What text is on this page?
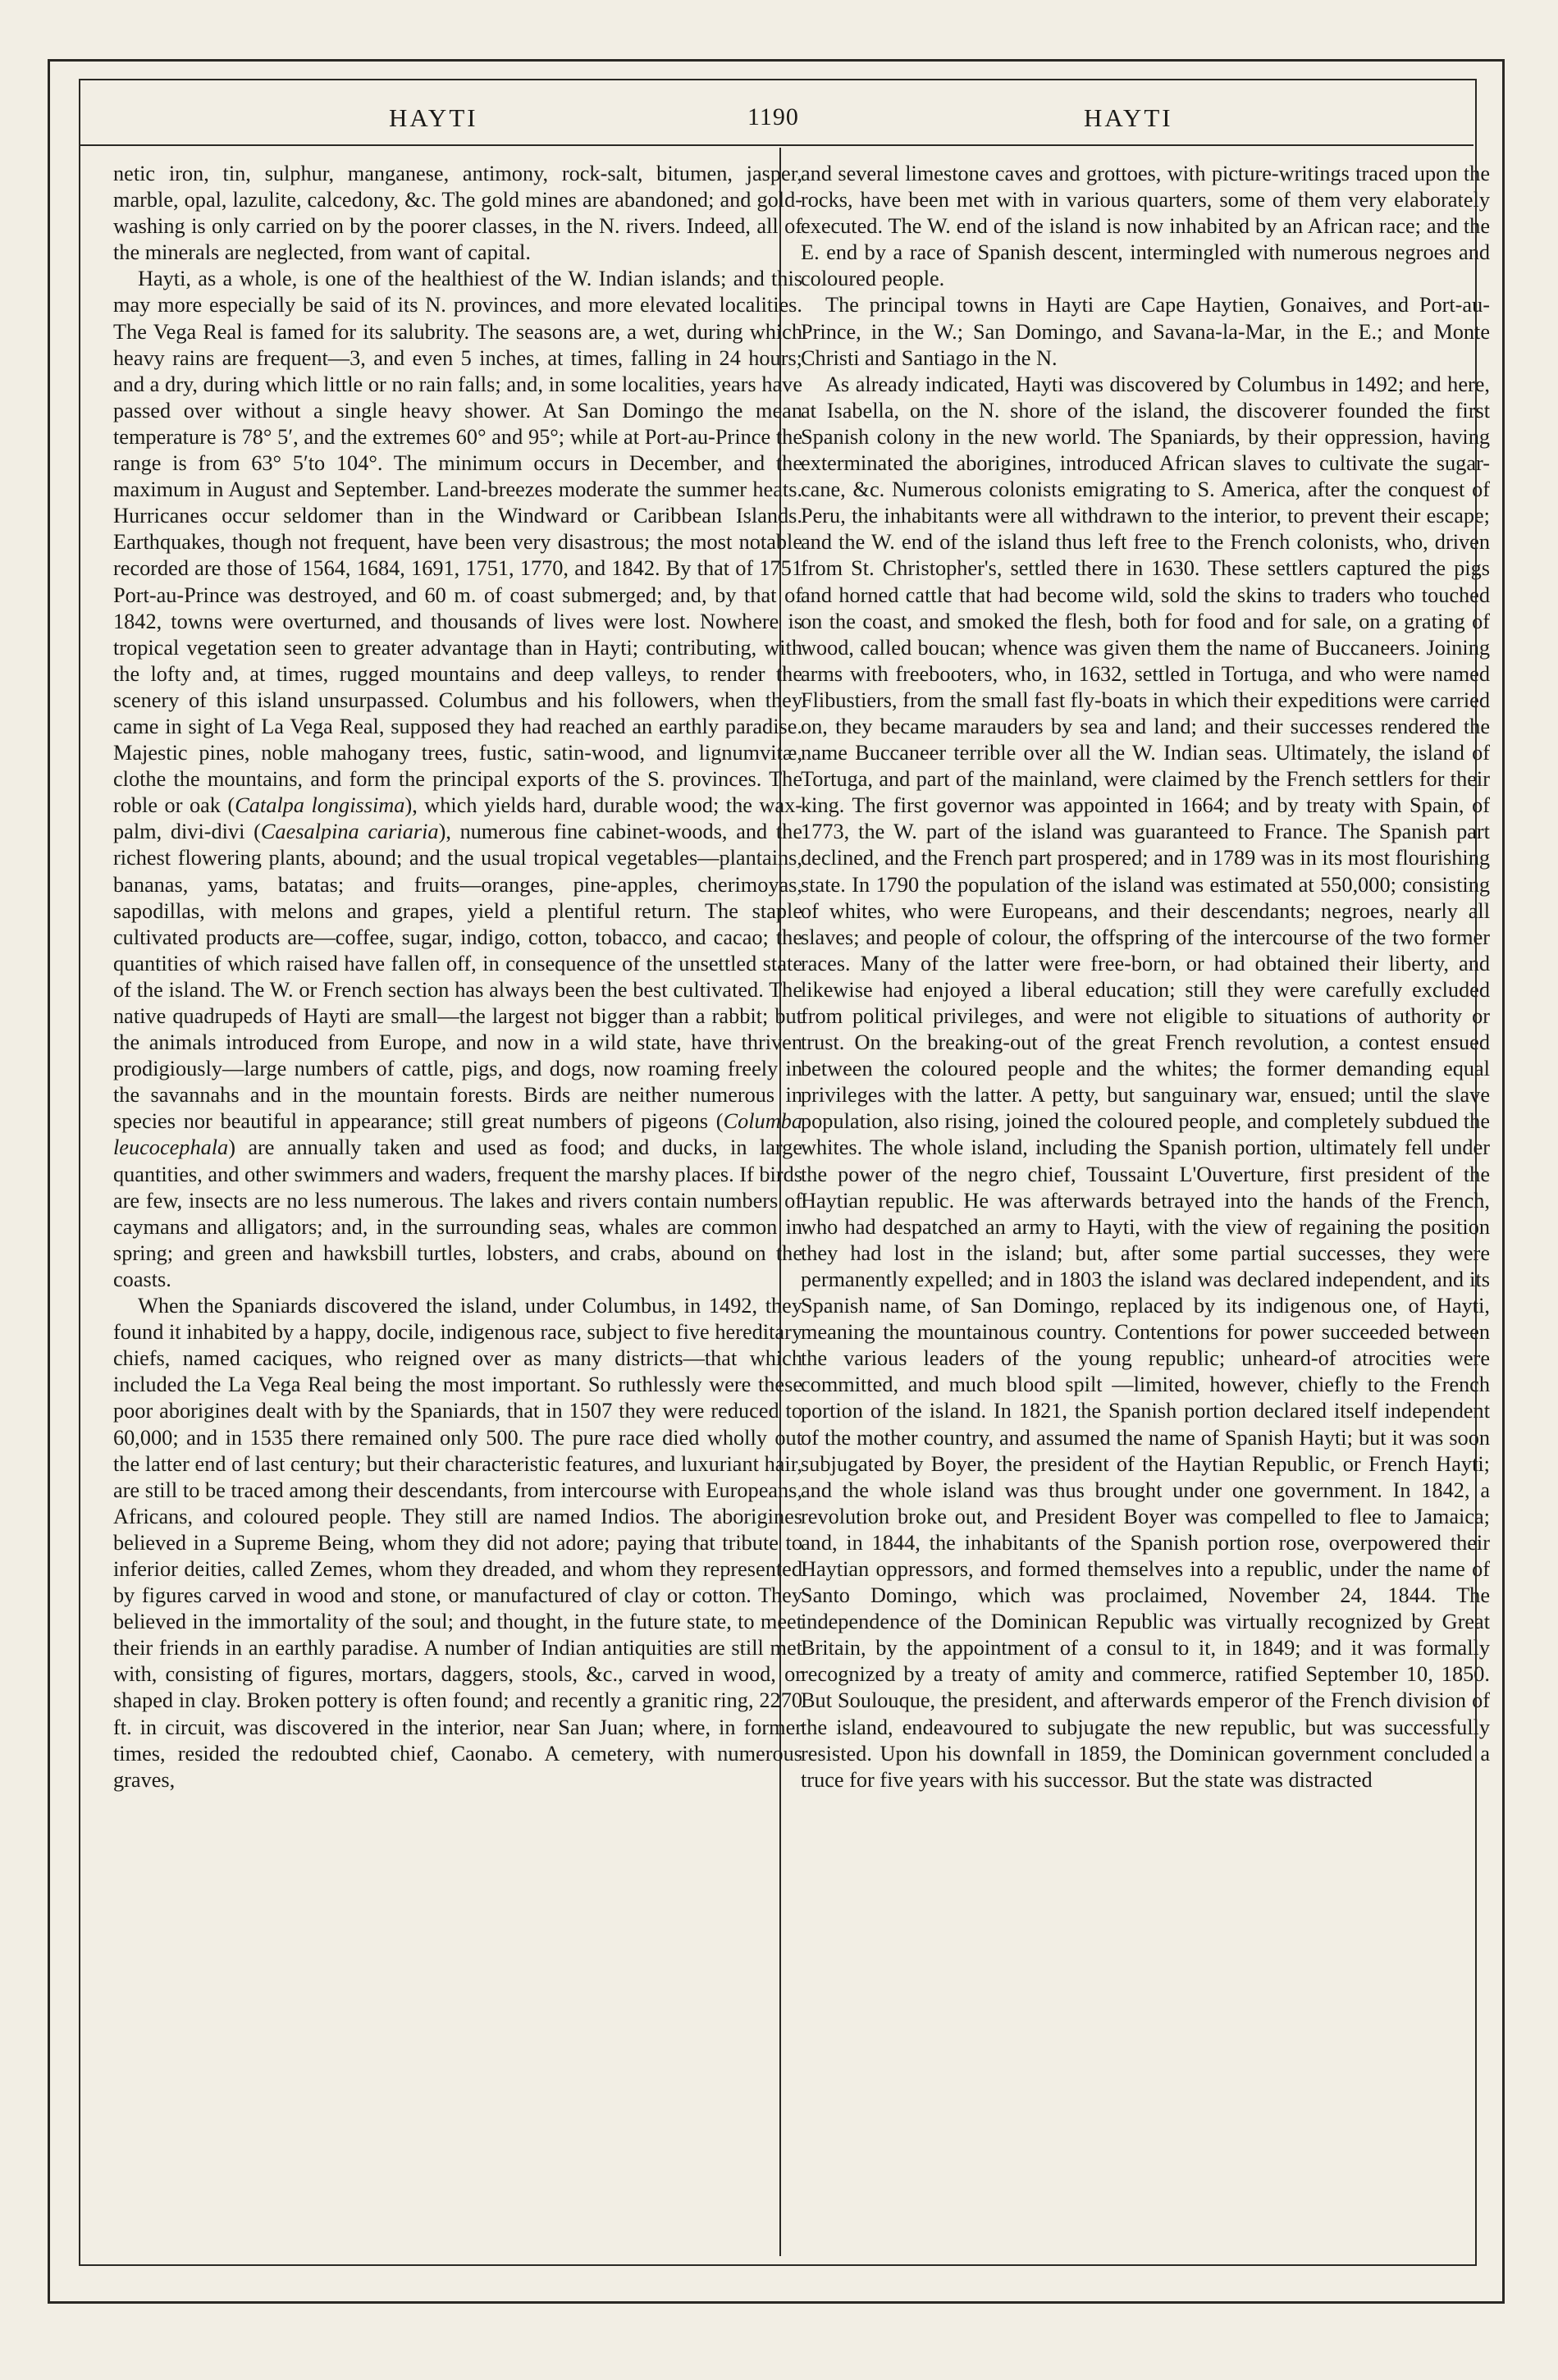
HAYTI	1190	HAYTI

netic iron, tin, sulphur, manganese, antimony, rock-salt, bitumen, jasper, marble, opal, lazulite, calcedony, &c. The gold mines are abandoned; and gold-washing is only carried on by the poorer classes, in the N. rivers. Indeed, all of the minerals are neglected, from want of capital.

Hayti, as a whole, is one of the healthiest of the W. Indian islands; and this may more especially be said of its N. provinces, and more elevated localities. The Vega Real is famed for its salubrity. The seasons are, a wet, during which heavy rains are frequent—3, and even 5 inches, at times, falling in 24 hours; and a dry, during which little or no rain falls; and, in some localities, years have passed over without a single heavy shower. At San Domingo the mean temperature is 78° 5′, and the extremes 60° and 95°; while at Port-au-Prince the range is from 63° 5′to 104°. The minimum occurs in December, and the maximum in August and September. Land-breezes moderate the summer heats. Hurricanes occur seldomer than in the Windward or Caribbean Islands. Earthquakes, though not frequent, have been very disastrous; the most notable recorded are those of 1564, 1684, 1691, 1751, 1770, and 1842. By that of 1751 Port-au-Prince was destroyed, and 60 m. of coast submerged; and, by that of 1842, towns were overturned, and thousands of lives were lost. Nowhere is tropical vegetation seen to greater advantage than in Hayti; contributing, with the lofty and, at times, rugged mountains and deep valleys, to render the scenery of this island unsurpassed. Columbus and his followers, when they came in sight of La Vega Real, supposed they had reached an earthly paradise. Majestic pines, noble mahogany trees, fustic, satin-wood, and lignumvitæ, clothe the mountains, and form the principal exports of the S. provinces. The roble or oak (Catalpa longissima), which yields hard, durable wood; the wax-palm, divi-divi (Caesalpina cariaria), numerous fine cabinet-woods, and the richest flowering plants, abound; and the usual tropical vegetables—plantains, bananas, yams, batatas; and fruits—oranges, pine-apples, cherimoyas, sapodillas, with melons and grapes, yield a plentiful return. The staple cultivated products are—coffee, sugar, indigo, cotton, tobacco, and cacao; the quantities of which raised have fallen off, in consequence of the unsettled state of the island. The W. or French section has always been the best cultivated. The native quadrupeds of Hayti are small—the largest not bigger than a rabbit; but the animals introduced from Europe, and now in a wild state, have thriven prodigiously—large numbers of cattle, pigs, and dogs, now roaming freely in the savannahs and in the mountain forests. Birds are neither numerous in species nor beautiful in appearance; still great numbers of pigeons (Columba leucocephala) are annually taken and used as food; and ducks, in large quantities, and other swimmers and waders, frequent the marshy places. If birds are few, insects are no less numerous. The lakes and rivers contain numbers of caymans and alligators; and, in the surrounding seas, whales are common in spring; and green and hawksbill turtles, lobsters, and crabs, abound on the coasts.

When the Spaniards discovered the island, under Columbus, in 1492, they found it inhabited by a happy, docile, indigenous race, subject to five hereditary chiefs, named caciques, who reigned over as many districts—that which included the La Vega Real being the most important. So ruthlessly were these poor aborigines dealt with by the Spaniards, that in 1507 they were reduced to 60,000; and in 1535 there remained only 500. The pure race died wholly out the latter end of last century; but their characteristic features, and luxuriant hair, are still to be traced among their descendants, from intercourse with Europeans, Africans, and coloured people. They still are named Indios. The aborigines believed in a Supreme Being, whom they did not adore; paying that tribute to inferior deities, called Zemes, whom they dreaded, and whom they represented by figures carved in wood and stone, or manufactured of clay or cotton. They believed in the immortality of the soul; and thought, in the future state, to meet their friends in an earthly paradise. A number of Indian antiquities are still met with, consisting of figures, mortars, daggers, stools, &c., carved in wood, or shaped in clay. Broken pottery is often found; and recently a granitic ring, 2270 ft. in circuit, was discovered in the interior, near San Juan; where, in former times, resided the redoubted chief, Caonabo. A cemetery, with numerous graves,

and several limestone caves and grottoes, with picture-writings traced upon the rocks, have been met with in various quarters, some of them very elaborately executed. The W. end of the island is now inhabited by an African race; and the E. end by a race of Spanish descent, intermingled with numerous negroes and coloured people.

The principal towns in Hayti are Cape Haytien, Gonaives, and Port-au-Prince, in the W.; San Domingo, and Savana-la-Mar, in the E.; and Monte Christi and Santiago in the N.

As already indicated, Hayti was discovered by Columbus in 1492; and here, at Isabella, on the N. shore of the island, the discoverer founded the first Spanish colony in the new world. The Spaniards, by their oppression, having exterminated the aborigines, introduced African slaves to cultivate the sugar-cane, &c. Numerous colonists emigrating to S. America, after the conquest of Peru, the inhabitants were all withdrawn to the interior, to prevent their escape; and the W. end of the island thus left free to the French colonists, who, driven from St. Christopher's, settled there in 1630. These settlers captured the pigs and horned cattle that had become wild, sold the skins to traders who touched on the coast, and smoked the flesh, both for food and for sale, on a grating of wood, called boucan; whence was given them the name of Buccaneers. Joining arms with freebooters, who, in 1632, settled in Tortuga, and who were named Flibustiers, from the small fast fly-boats in which their expeditions were carried on, they became marauders by sea and land; and their successes rendered the name Buccaneer terrible over all the W. Indian seas. Ultimately, the island of Tortuga, and part of the mainland, were claimed by the French settlers for their king. The first governor was appointed in 1664; and by treaty with Spain, of 1773, the W. part of the island was guaranteed to France. The Spanish part declined, and the French part prospered; and in 1789 was in its most flourishing state. In 1790 the population of the island was estimated at 550,000; consisting of whites, who were Europeans, and their descendants; negroes, nearly all slaves; and people of colour, the offspring of the intercourse of the two former races. Many of the latter were free-born, or had obtained their liberty, and likewise had enjoyed a liberal education; still they were carefully excluded from political privileges, and were not eligible to situations of authority or trust. On the breaking-out of the great French revolution, a contest ensued between the coloured people and the whites; the former demanding equal privileges with the latter. A petty, but sanguinary war, ensued; until the slave population, also rising, joined the coloured people, and completely subdued the whites. The whole island, including the Spanish portion, ultimately fell under the power of the negro chief, Toussaint L'Ouverture, first president of the Haytian republic. He was afterwards betrayed into the hands of the French, who had despatched an army to Hayti, with the view of regaining the position they had lost in the island; but, after some partial successes, they were permanently expelled; and in 1803 the island was declared independent, and its Spanish name, of San Domingo, replaced by its indigenous one, of Hayti, meaning the mountainous country. Contentions for power succeeded between the various leaders of the young republic; unheard-of atrocities were committed, and much blood spilt —limited, however, chiefly to the French portion of the island. In 1821, the Spanish portion declared itself independent of the mother country, and assumed the name of Spanish Hayti; but it was soon subjugated by Boyer, the president of the Haytian Republic, or French Hayti; and the whole island was thus brought under one government. In 1842, a revolution broke out, and President Boyer was compelled to flee to Jamaica; and, in 1844, the inhabitants of the Spanish portion rose, overpowered their Haytian oppressors, and formed themselves into a republic, under the name of Santo Domingo, which was proclaimed, November 24, 1844. The independence of the Dominican Republic was virtually recognized by Great Britain, by the appointment of a consul to it, in 1849; and it was formally recognized by a treaty of amity and commerce, ratified September 10, 1850. But Soulouque, the president, and afterwards emperor of the French division of the island, endeavoured to subjugate the new republic, but was successfully resisted. Upon his downfall in 1859, the Dominican government concluded a truce for five years with his successor. But the state was distracted
